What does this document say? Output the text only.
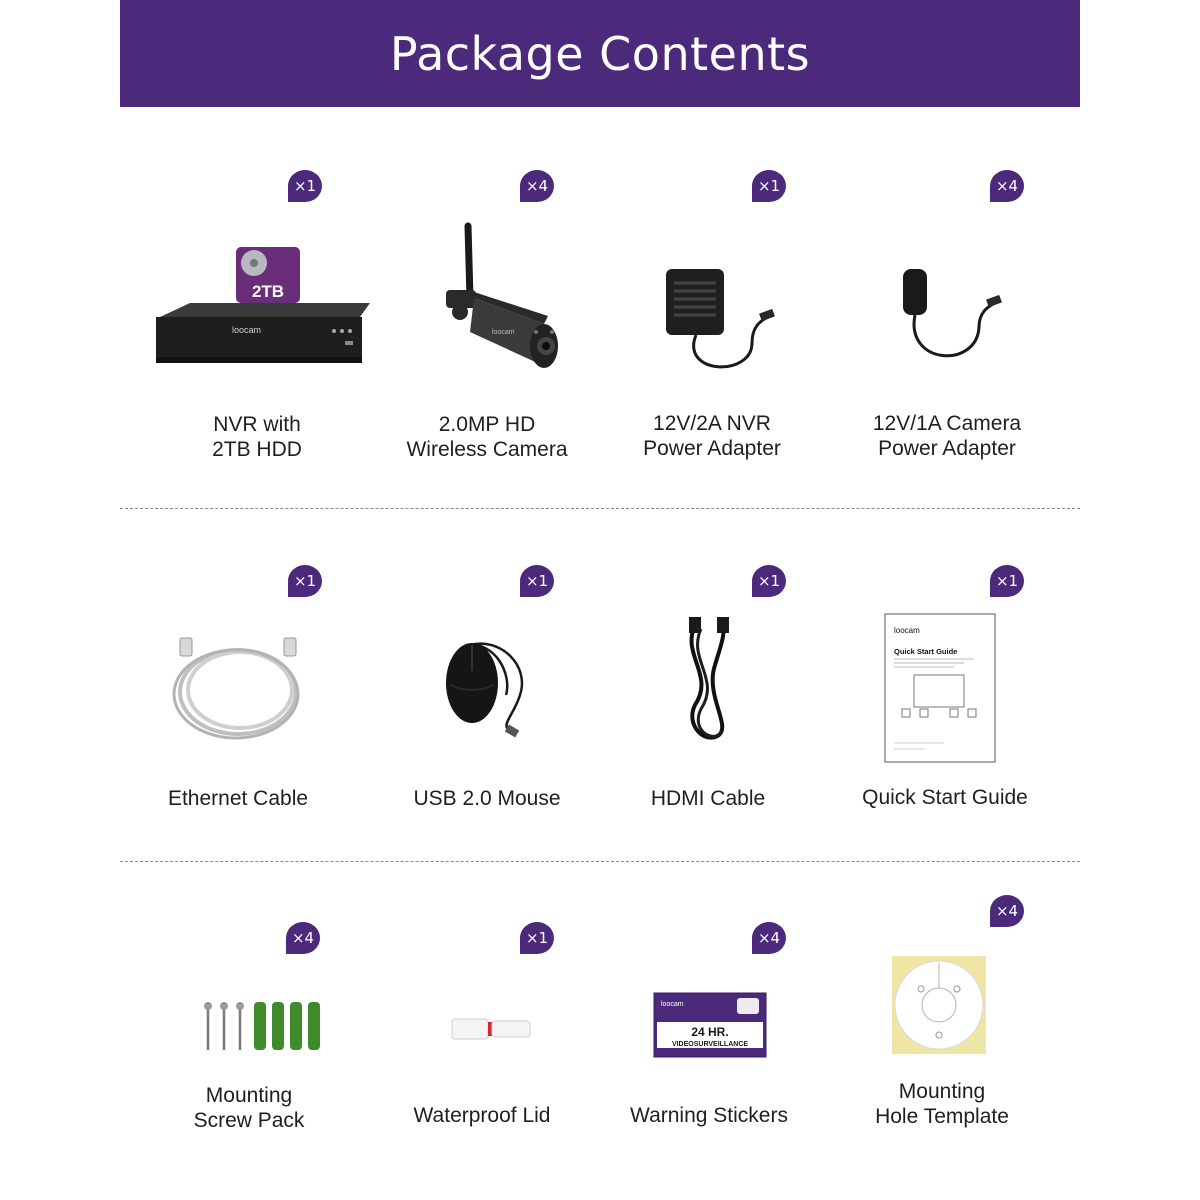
Package Contents
×1
2TB
loocam
NVR with
2TB HDD
×4
loocam
2.0MP HD
Wireless Camera
×1
12V/2A NVR
Power Adapter
×4
12V/1A Camera
Power Adapter
×1
Ethernet Cable
×1
USB 2.0 Mouse
×1
HDMI Cable
×1
loocam
Quick Start Guide
Quick Start Guide
×4
Mounting
Screw Pack
×1
Waterproof Lid
×4
loocam
24 HR.
VIDEOSURVEILLANCE
Warning Stickers
×4
Mounting
Hole Template
